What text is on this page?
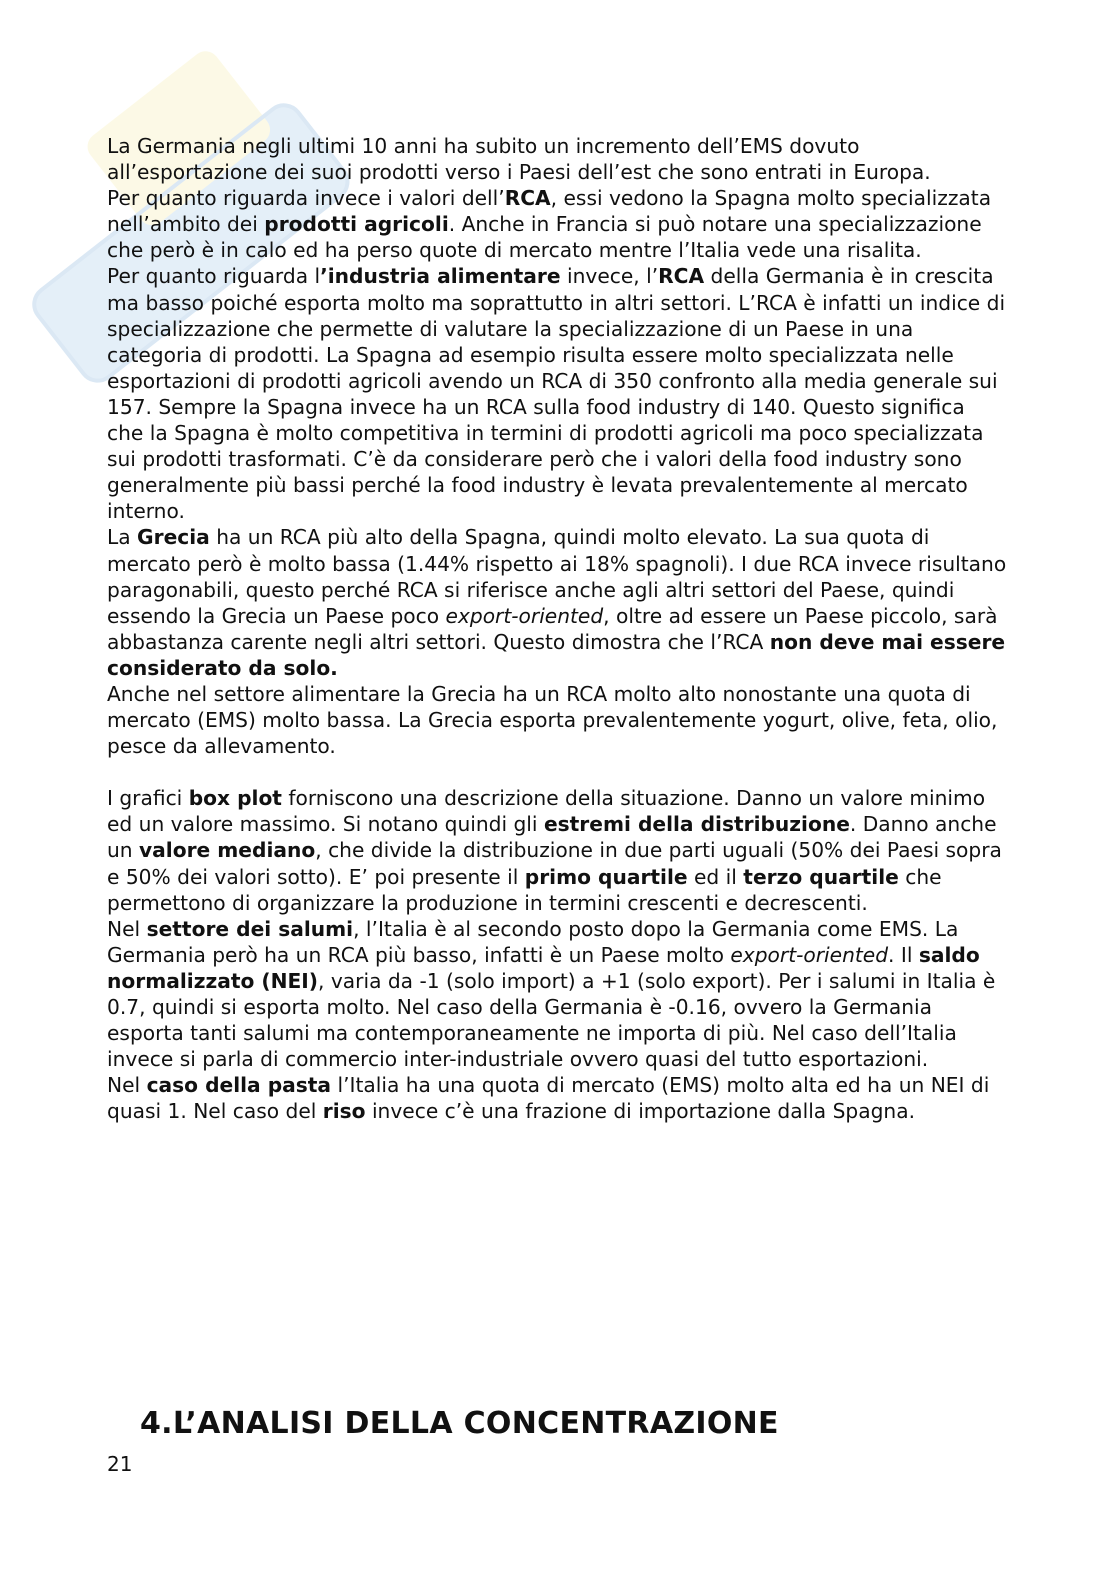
La Germania negli ultimi 10 anni ha subito un incremento dell’EMS dovuto all’esportazione dei suoi prodotti verso i Paesi dell’est che sono entrati in Europa.

Per quanto riguarda invece i valori dell’RCA, essi vedono la Spagna molto specializzata nell’ambito dei prodotti agricoli. Anche in Francia si può notare una specializzazione che però è in calo ed ha perso quote di mercato mentre l’Italia vede una risalita.

Per quanto riguarda l’industria alimentare invece, l’RCA della Germania è in crescita ma basso poiché esporta molto ma soprattutto in altri settori. L’RCA è infatti un indice di specializzazione che permette di valutare la specializzazione di un Paese in una categoria di prodotti. La Spagna ad esempio risulta essere molto specializzata nelle esportazioni di prodotti agricoli avendo un RCA di 350 confronto alla media generale sui 157. Sempre la Spagna invece ha un RCA sulla food industry di 140. Questo significa che la Spagna è molto competitiva in termini di prodotti agricoli ma poco specializzata sui prodotti trasformati. C’è da considerare però che i valori della food industry sono generalmente più bassi perché la food industry è levata prevalentemente al mercato interno.

La Grecia ha un RCA più alto della Spagna, quindi molto elevato. La sua quota di mercato però è molto bassa (1.44% rispetto ai 18% spagnoli). I due RCA invece risultano paragonabili, questo perché RCA si riferisce anche agli altri settori del Paese, quindi essendo la Grecia un Paese poco export-oriented, oltre ad essere un Paese piccolo, sarà abbastanza carente negli altri settori. Questo dimostra che l’RCA non deve mai essere considerato da solo.

Anche nel settore alimentare la Grecia ha un RCA molto alto nonostante una quota di mercato (EMS) molto bassa. La Grecia esporta prevalentemente yogurt, olive, feta, olio, pesce da allevamento.

I grafici box plot forniscono una descrizione della situazione. Danno un valore minimo ed un valore massimo. Si notano quindi gli estremi della distribuzione. Danno anche un valore mediano, che divide la distribuzione in due parti uguali (50% dei Paesi sopra e 50% dei valori sotto). E’ poi presente il primo quartile ed il terzo quartile che permettono di organizzare la produzione in termini crescenti e decrescenti.

Nel settore dei salumi, l’Italia è al secondo posto dopo la Germania come EMS. La Germania però ha un RCA più basso, infatti è un Paese molto export-oriented. Il saldo normalizzato (NEI), varia da -1 (solo import) a +1 (solo export). Per i salumi in Italia è 0.7, quindi si esporta molto. Nel caso della Germania è -0.16, ovvero la Germania esporta tanti salumi ma contemporaneamente ne importa di più. Nel caso dell’Italia invece si parla di commercio inter-industriale ovvero quasi del tutto esportazioni.

Nel caso della pasta l’Italia ha una quota di mercato (EMS) molto alta ed ha un NEI di quasi 1. Nel caso del riso invece c’è una frazione di importazione dalla Spagna.

4.L’ANALISI DELLA CONCENTRAZIONE

21
